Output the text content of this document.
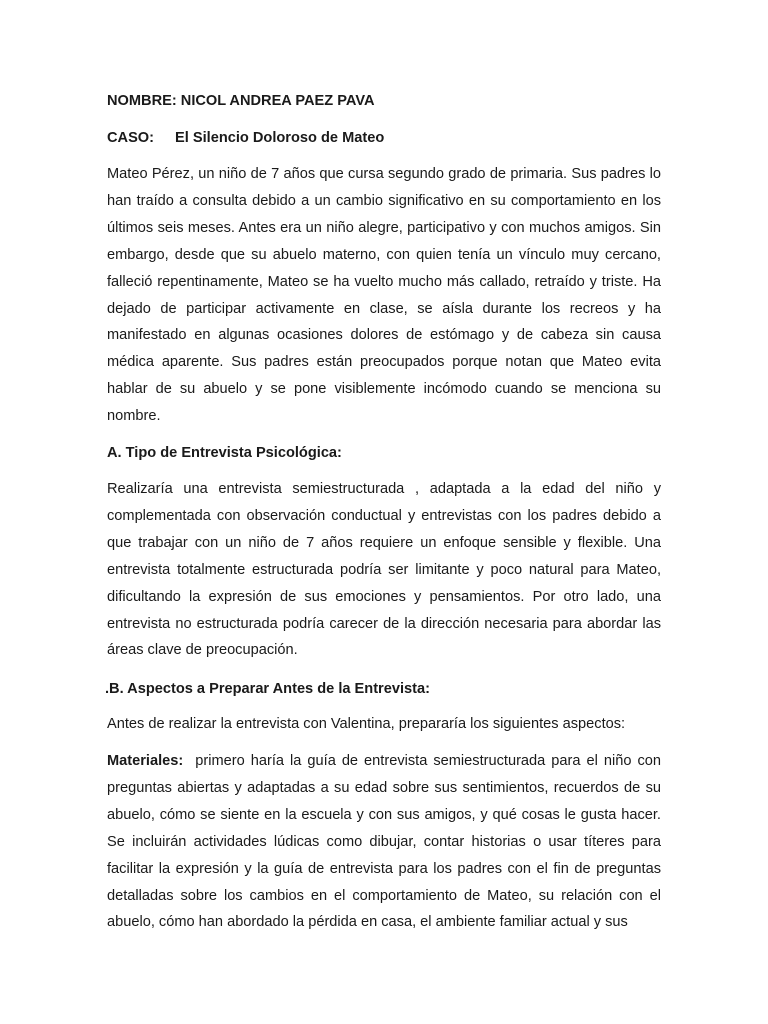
NOMBRE: NICOL ANDREA PAEZ PAVA

CASO: El Silencio Doloroso de Mateo

Mateo Pérez, un niño de 7 años que cursa segundo grado de primaria. Sus padres lo han traído a consulta debido a un cambio significativo en su comportamiento en los últimos seis meses. Antes era un niño alegre, participativo y con muchos amigos. Sin embargo, desde que su abuelo materno, con quien tenía un vínculo muy cercano, falleció repentinamente, Mateo se ha vuelto mucho más callado, retraído y triste. Ha dejado de participar activamente en clase, se aísla durante los recreos y ha manifestado en algunas ocasiones dolores de estómago y de cabeza sin causa médica aparente. Sus padres están preocupados porque notan que Mateo evita hablar de su abuelo y se pone visiblemente incómodo cuando se menciona su nombre.

A. Tipo de Entrevista Psicológica:

Realizaría una entrevista semiestructurada , adaptada a la edad del niño y complementada con observación conductual y entrevistas con los padres debido a que trabajar con un niño de 7 años requiere un enfoque sensible y flexible. Una entrevista totalmente estructurada podría ser limitante y poco natural para Mateo, dificultando la expresión de sus emociones y pensamientos. Por otro lado, una entrevista no estructurada podría carecer de la dirección necesaria para abordar las áreas clave de preocupación.

.B. Aspectos a Preparar Antes de la Entrevista:

Antes de realizar la entrevista con Valentina, prepararía los siguientes aspectos:

Materiales: primero haría la guía de entrevista semiestructurada para el niño con preguntas abiertas y adaptadas a su edad sobre sus sentimientos, recuerdos de su abuelo, cómo se siente en la escuela y con sus amigos, y qué cosas le gusta hacer. Se incluirán actividades lúdicas como dibujar, contar historias o usar títeres para facilitar la expresión y la guía de entrevista para los padres con el fin de preguntas detalladas sobre los cambios en el comportamiento de Mateo, su relación con el abuelo, cómo han abordado la pérdida en casa, el ambiente familiar actual y sus
